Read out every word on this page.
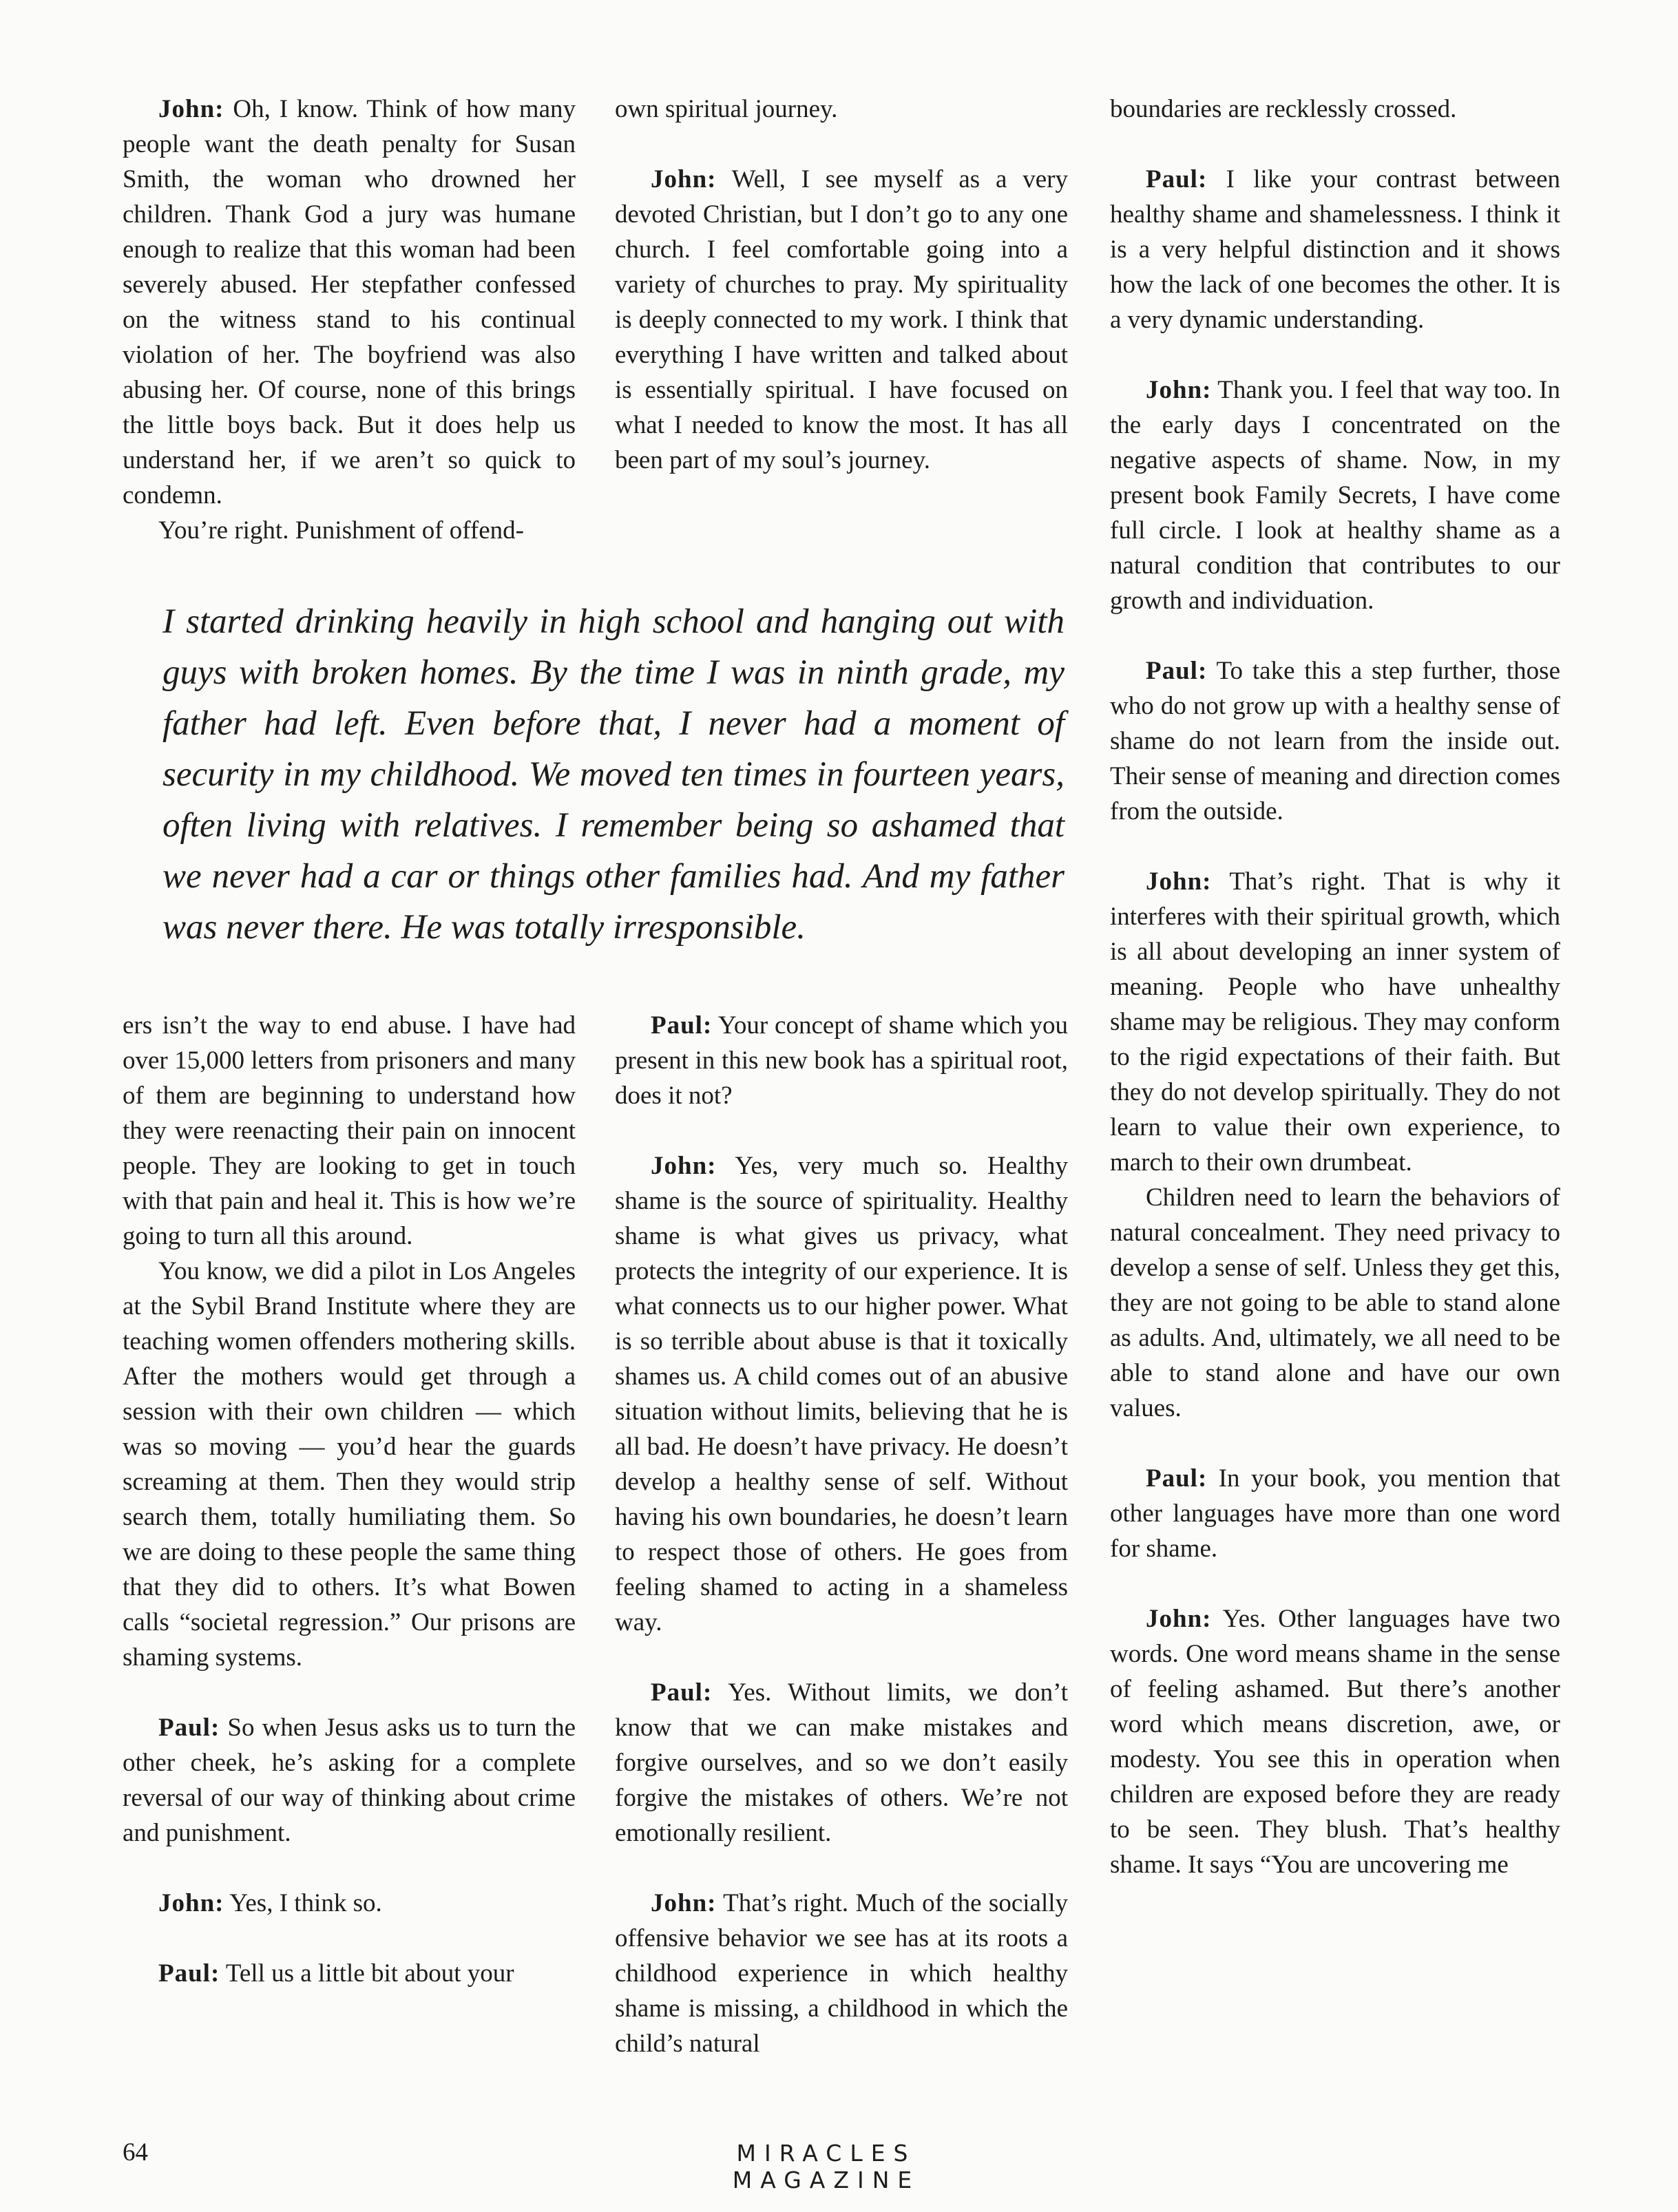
John: Oh, I know. Think of how many people want the death penalty for Susan Smith, the woman who drowned her children. Thank God a jury was humane enough to realize that this woman had been severely abused. Her stepfather confessed on the witness stand to his continual violation of her. The boyfriend was also abusing her. Of course, none of this brings the little boys back. But it does help us understand her, if we aren’t so quick to condemn.

You’re right. Punishment of offend-

own spiritual journey.

John: Well, I see myself as a very devoted Christian, but I don’t go to any one church. I feel comfortable going into a variety of churches to pray. My spirituality is deeply connected to my work. I think that everything I have written and talked about is essentially spiritual. I have focused on what I needed to know the most. It has all been part of my soul’s journey.

I started drinking heavily in high school and hanging out with guys with broken homes. By the time I was in ninth grade, my father had left. Even before that, I never had a moment of security in my childhood. We moved ten times in fourteen years, often living with relatives. I remember being so ashamed that we never had a car or things other families had. And my father was never there. He was totally irresponsible.

ers isn’t the way to end abuse. I have had over 15,000 letters from prisoners and many of them are beginning to understand how they were reenacting their pain on innocent people. They are looking to get in touch with that pain and heal it. This is how we’re going to turn all this around.

You know, we did a pilot in Los Angeles at the Sybil Brand Institute where they are teaching women offenders mothering skills. After the mothers would get through a session with their own children — which was so moving — you’d hear the guards screaming at them. Then they would strip search them, totally humiliating them. So we are doing to these people the same thing that they did to others. It’s what Bowen calls “societal regression.” Our prisons are shaming systems.

Paul: So when Jesus asks us to turn the other cheek, he’s asking for a complete reversal of our way of thinking about crime and punishment.

John: Yes, I think so.

Paul: Tell us a little bit about your

Paul: Your concept of shame which you present in this new book has a spiritual root, does it not?

John: Yes, very much so. Healthy shame is the source of spirituality. Healthy shame is what gives us privacy, what protects the integrity of our experience. It is what connects us to our higher power. What is so terrible about abuse is that it toxically shames us. A child comes out of an abusive situation without limits, believing that he is all bad. He doesn’t have privacy. He doesn’t develop a healthy sense of self. Without having his own boundaries, he doesn’t learn to respect those of others. He goes from feeling shamed to acting in a shameless way.

Paul: Yes. Without limits, we don’t know that we can make mistakes and forgive ourselves, and so we don’t easily forgive the mistakes of others. We’re not emotionally resilient.

John: That’s right. Much of the socially offensive behavior we see has at its roots a childhood experience in which healthy shame is missing, a childhood in which the child’s natural

boundaries are recklessly crossed.

Paul: I like your contrast between healthy shame and shamelessness. I think it is a very helpful distinction and it shows how the lack of one becomes the other. It is a very dynamic understanding.

John: Thank you. I feel that way too. In the early days I concentrated on the negative aspects of shame. Now, in my present book Family Secrets, I have come full circle. I look at healthy shame as a natural condition that contributes to our growth and individuation.

Paul: To take this a step further, those who do not grow up with a healthy sense of shame do not learn from the inside out. Their sense of meaning and direction comes from the outside.

John: That’s right. That is why it interferes with their spiritual growth, which is all about developing an inner system of meaning. People who have unhealthy shame may be religious. They may conform to the rigid expectations of their faith. But they do not develop spiritually. They do not learn to value their own experience, to march to their own drumbeat.

Children need to learn the behaviors of natural concealment. They need privacy to develop a sense of self. Unless they get this, they are not going to be able to stand alone as adults. And, ultimately, we all need to be able to stand alone and have our own values.

Paul: In your book, you mention that other languages have more than one word for shame.

John: Yes. Other languages have two words. One word means shame in the sense of feeling ashamed. But there’s another word which means discretion, awe, or modesty. You see this in operation when children are exposed before they are ready to be seen. They blush. That’s healthy shame. It says “You are uncovering me

64	MIRACLES MAGAZINE
